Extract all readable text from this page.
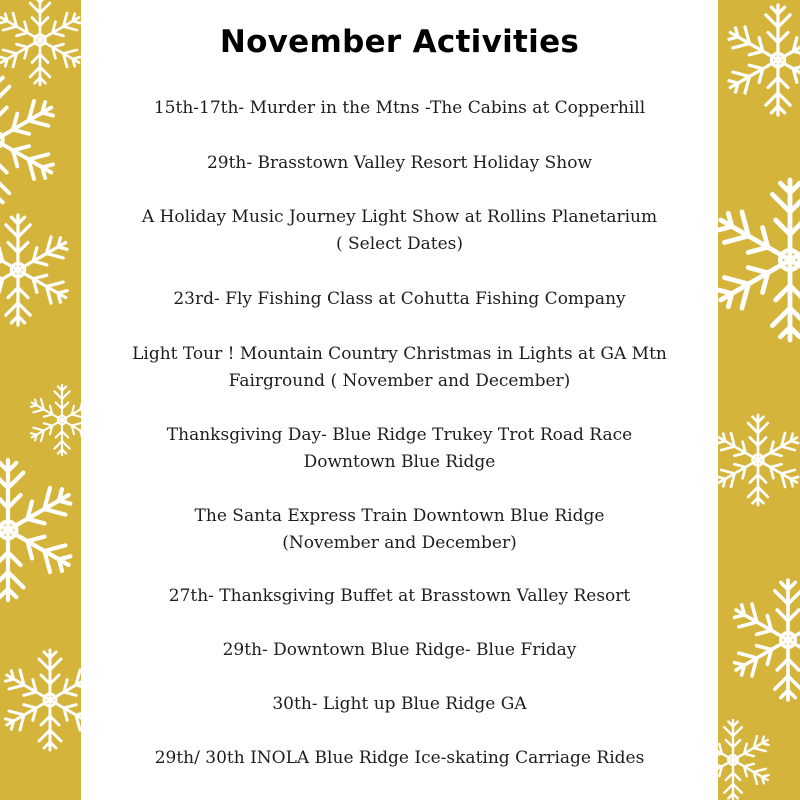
November Activities
15th-17th- Murder in the Mtns -The Cabins at Copperhill
29th- Brasstown Valley Resort Holiday Show
A Holiday Music Journey Light Show at Rollins Planetarium
( Select Dates)
23rd- Fly Fishing Class at Cohutta Fishing Company
Light Tour ! Mountain Country Christmas in Lights at GA Mtn
Fairground ( November and December)
Thanksgiving Day- Blue Ridge Trukey Trot Road Race
Downtown Blue Ridge
The Santa Express Train Downtown Blue Ridge
(November and December)
27th- Thanksgiving Buffet at Brasstown Valley Resort
29th- Downtown Blue Ridge- Blue Friday
30th- Light up Blue Ridge GA
29th/ 30th INOLA Blue Ridge Ice-skating Carriage Rides
